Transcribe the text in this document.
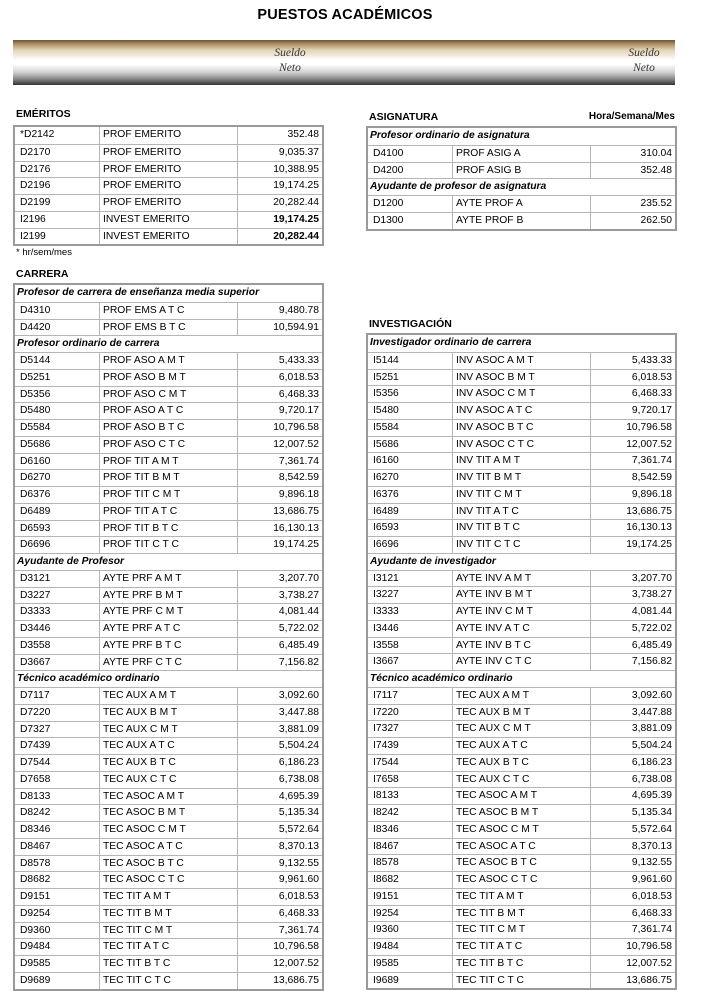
PUESTOS ACADÉMICOS
Sueldo
Neto
Sueldo
Neto
EMÉRITOS	ASIGNATURA	Hora/Semana/Mes
*D2142	PROF EMERITO	352.48
D2170	PROF EMERITO	9,035.37
D2176	PROF EMERITO	10,388.95
D2196	PROF EMERITO	19,174.25
D2199	PROF EMERITO	20,282.44
I2196	INVEST EMERITO	19,174.25
I2199	INVEST EMERITO	20,282.44
* hr/sem/mes
Profesor ordinario de asignatura
D4100	PROF ASIG A	310.04
D4200	PROF ASIG B	352.48
Ayudante de profesor de asignatura
D1200	AYTE PROF A	235.52
D1300	AYTE PROF B	262.50
CARRERA
Profesor de carrera de enseñanza media superior
D4310	PROF EMS A T C	9,480.78
D4420	PROF EMS B T C	10,594.91
Profesor ordinario de carrera
D5144	PROF ASO A M T	5,433.33
D5251	PROF ASO B M T	6,018.53
D5356	PROF ASO C M T	6,468.33
D5480	PROF ASO A T C	9,720.17
D5584	PROF ASO B T C	10,796.58
D5686	PROF ASO C T C	12,007.52
D6160	PROF TIT A M T	7,361.74
D6270	PROF TIT B M T	8,542.59
D6376	PROF TIT C M T	9,896.18
D6489	PROF TIT A T C	13,686.75
D6593	PROF TIT B T C	16,130.13
D6696	PROF TIT C T C	19,174.25
Ayudante de Profesor
D3121	AYTE PRF A M T	3,207.70
D3227	AYTE PRF B M T	3,738.27
D3333	AYTE PRF C M T	4,081.44
D3446	AYTE PRF A T C	5,722.02
D3558	AYTE PRF B T C	6,485.49
D3667	AYTE PRF C T C	7,156.82
Técnico académico ordinario
D7117	TEC AUX A M T	3,092.60
D7220	TEC AUX B M T	3,447.88
D7327	TEC AUX C M T	3,881.09
D7439	TEC AUX A T C	5,504.24
D7544	TEC AUX B T C	6,186.23
D7658	TEC AUX C T C	6,738.08
D8133	TEC ASOC A M T	4,695.39
D8242	TEC ASOC B M T	5,135.34
D8346	TEC ASOC C M T	5,572.64
D8467	TEC ASOC A T C	8,370.13
D8578	TEC ASOC B T C	9,132.55
D8682	TEC ASOC C T C	9,961.60
D9151	TEC TIT A M T	6,018.53
D9254	TEC TIT B M T	6,468.33
D9360	TEC TIT C M T	7,361.74
D9484	TEC TIT A T C	10,796.58
D9585	TEC TIT B T C	12,007.52
D9689	TEC TIT C T C	13,686.75
INVESTIGACIÓN
Investigador ordinario de carrera
I5144	INV ASOC A M T	5,433.33
I5251	INV ASOC B M T	6,018.53
I5356	INV ASOC C M T	6,468.33
I5480	INV ASOC A T C	9,720.17
I5584	INV ASOC B T C	10,796.58
I5686	INV ASOC C T C	12,007.52
I6160	INV TIT A M T	7,361.74
I6270	INV TIT B M T	8,542.59
I6376	INV TIT C M T	9,896.18
I6489	INV TIT A T C	13,686.75
I6593	INV TIT B T C	16,130.13
I6696	INV TIT C T C	19,174.25
Ayudante de investigador
I3121	AYTE INV A M T	3,207.70
I3227	AYTE INV B M T	3,738.27
I3333	AYTE INV C M T	4,081.44
I3446	AYTE INV A T C	5,722.02
I3558	AYTE INV B T C	6,485.49
I3667	AYTE INV C T C	7,156.82
Técnico académico ordinario
I7117	TEC AUX A M T	3,092.60
I7220	TEC AUX B M T	3,447.88
I7327	TEC AUX C M T	3,881.09
I7439	TEC AUX A T C	5,504.24
I7544	TEC AUX B T C	6,186.23
I7658	TEC AUX C T C	6,738.08
I8133	TEC ASOC A M T	4,695.39
I8242	TEC ASOC B M T	5,135.34
I8346	TEC ASOC C M T	5,572.64
I8467	TEC ASOC A T C	8,370.13
I8578	TEC ASOC B T C	9,132.55
I8682	TEC ASOC C T C	9,961.60
I9151	TEC TIT A M T	6,018.53
I9254	TEC TIT B M T	6,468.33
I9360	TEC TIT C M T	7,361.74
I9484	TEC TIT A T C	10,796.58
I9585	TEC TIT B T C	12,007.52
I9689	TEC TIT C T C	13,686.75
